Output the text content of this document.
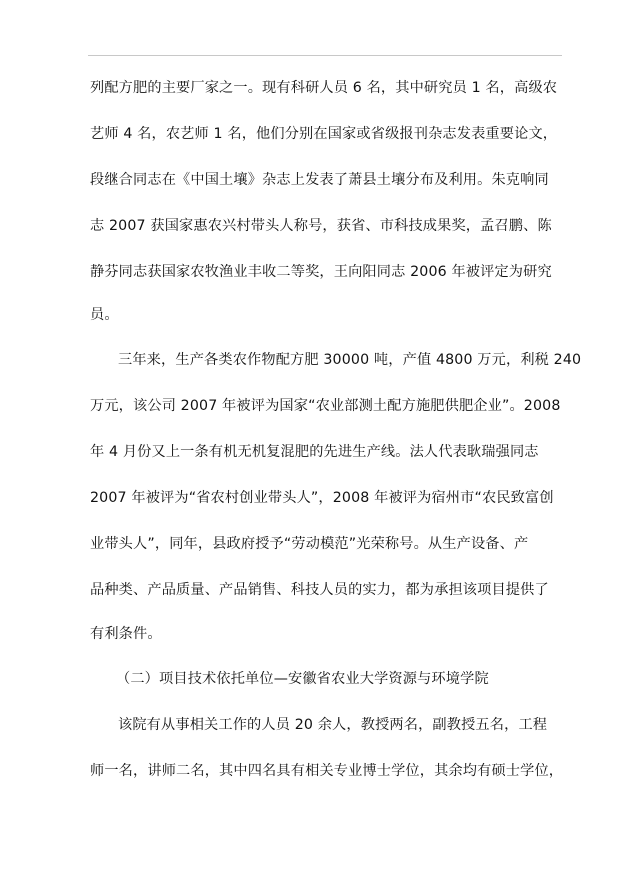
列配方肥的主要厂家之一。现有科研人员 6 名，其中研究员 1 名，高级农
艺师 4 名，农艺师 1 名，他们分别在国家或省级报刊杂志发表重要论文，
段继合同志在《中国土壤》杂志上发表了萧县土壤分布及利用。朱克响同
志 2007 获国家惠农兴村带头人称号，获省、市科技成果奖，孟召鹏、陈
静芬同志获国家农牧渔业丰收二等奖，王向阳同志 2006 年被评定为研究
员。
三年来，生产各类农作物配方肥 30000 吨，产值 4800 万元，利税 240
万元，该公司 2007 年被评为国家“农业部测土配方施肥供肥企业”。2008
年 4 月份又上一条有机无机复混肥的先进生产线。法人代表耿瑞强同志
2007 年被评为“省农村创业带头人”，2008 年被评为宿州市“农民致富创
业带头人”，同年，县政府授予“劳动模范”光荣称号。从生产设备、产
品种类、产品质量、产品销售、科技人员的实力，都为承担该项目提供了
有利条件。
（二）项目技术依托单位—安徽省农业大学资源与环境学院
该院有从事相关工作的人员 20 余人，教授两名，副教授五名，工程
师一名，讲师二名，其中四名具有相关专业博士学位，其余均有硕士学位，
